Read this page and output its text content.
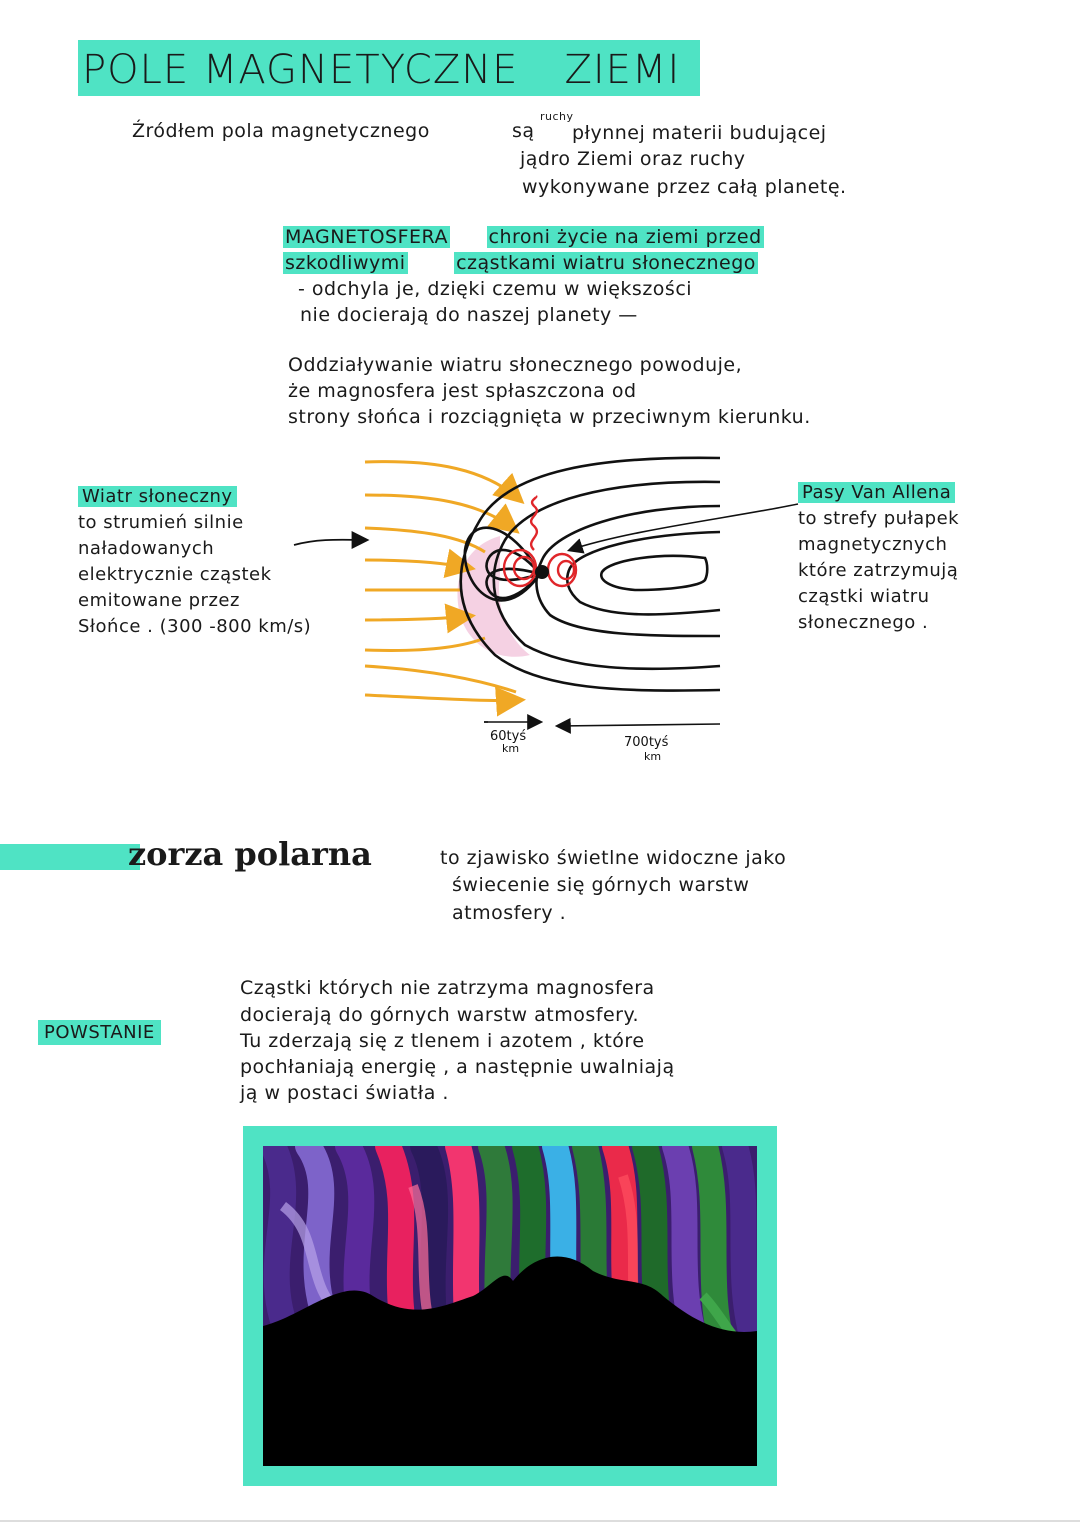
POLE MAGNETYCZNE ZIEMI
Źródłem pola magnetycznego	są
ruchy
płynnej materii budującej
jądro Ziemi oraz ruchy
wykonywane przez całą planetę.
MAGNETOSFERA chroni życie na ziemi przed
szkodliwymi	cząstkami wiatru słonecznego
- odchyla je, dzięki czemu w większości
nie docierają do naszej planety —
Oddziaływanie wiatru słonecznego powoduje,
że magnosfera jest spłaszczona od
strony słońca i rozciągnięta w przeciwnym kierunku.
Wiatr słoneczny
to strumień silnie
naładowanych
elektrycznie cząstek
emitowane przez
Słońce . (300 -800 km/s)
Pasy Van Allena
to strefy pułapek
magnetycznych
które zatrzymują
cząstki wiatru
słonecznego .
60tyś
km	700tyś
km
zorza polarna	to zjawisko świetlne widoczne jako
świecenie się górnych warstw
atmosfery .
POWSTANIE
Cząstki których nie zatrzyma magnosfera
docierają do górnych warstw atmosfery.
Tu zderzają się z tlenem i azotem , które
pochłaniają energię , a następnie uwalniają
ją w postaci światła .
